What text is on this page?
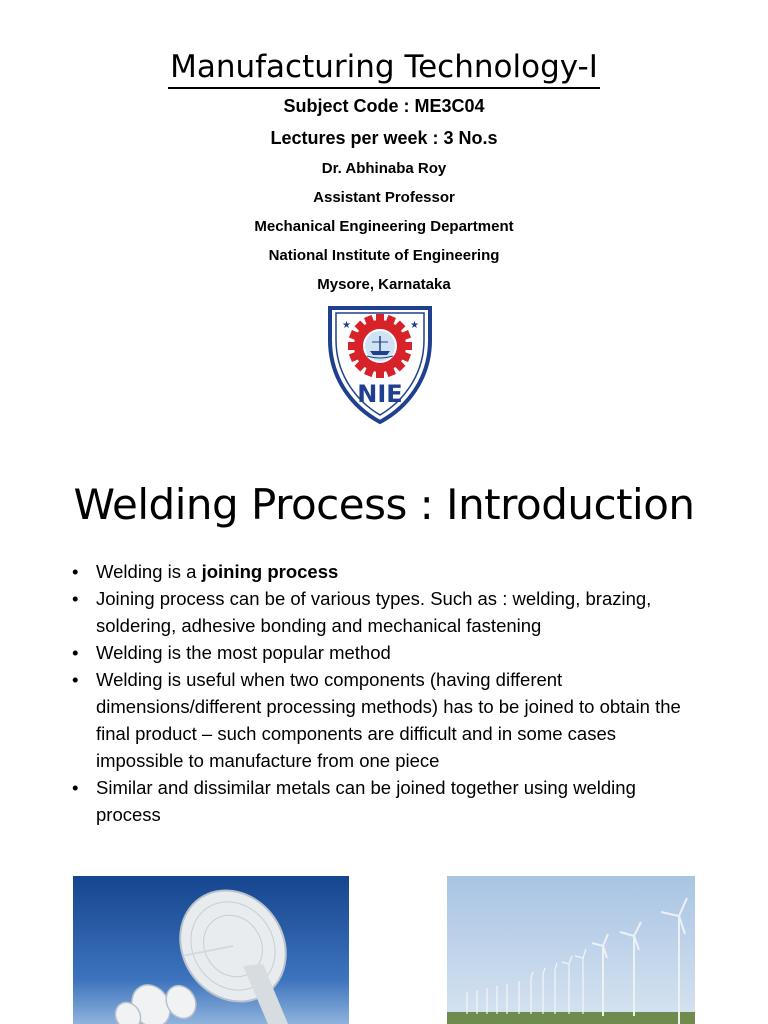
Manufacturing Technology-I
Subject Code : ME3C04
Lectures per week : 3 No.s
Dr. Abhinaba Roy
Assistant Professor
Mechanical Engineering Department
National Institute of Engineering
Mysore, Karnataka
★	★
NIE
Welding Process : Introduction
• Welding is a joining process
• Joining process can be of various types. Such as : welding, brazing, soldering, adhesive bonding and mechanical fastening
• Welding is the most popular method
• Welding is useful when two components (having different dimensions/different processing methods) has to be joined to obtain the final product – such components are difficult and in some cases impossible to manufacture from one piece
• Similar and dissimilar metals can be joined together using welding process
